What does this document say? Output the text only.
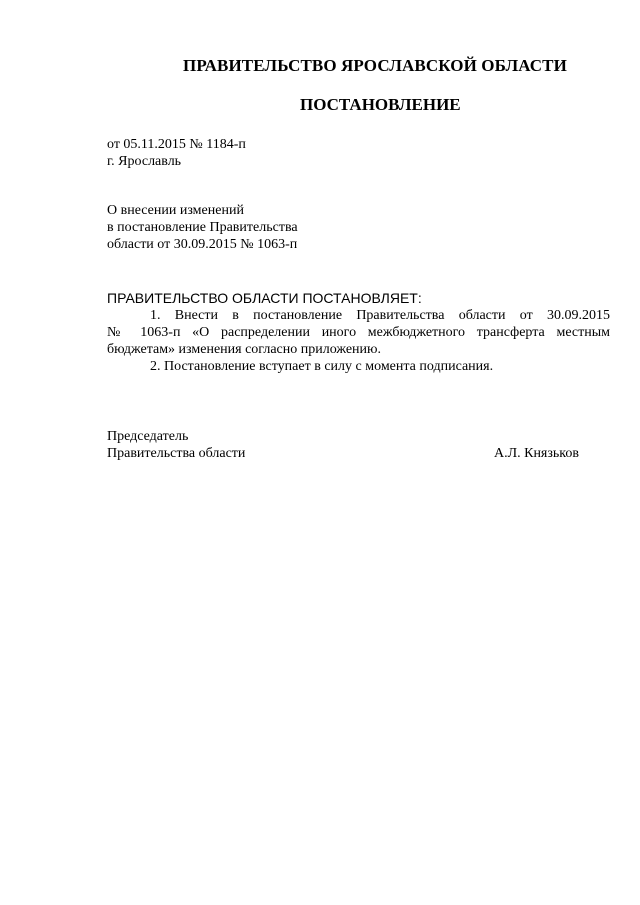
ПРАВИТЕЛЬСТВО ЯРОСЛАВСКОЙ ОБЛАСТИ
ПОСТАНОВЛЕНИЕ
от 05.11.2015 № 1184-п
г. Ярославль
О внесении изменений
в постановление Правительства
области от 30.09.2015 № 1063-п
ПРАВИТЕЛЬСТВО ОБЛАСТИ ПОСТАНОВЛЯЕТ:
1. Внести в постановление Правительства области от 30.09.2015
№ 1063-п «О распределении иного межбюджетного трансферта местным
бюджетам» изменения согласно приложению.
2. Постановление вступает в силу с момента подписания.
Председатель
Правительства области	А.Л. Князьков
